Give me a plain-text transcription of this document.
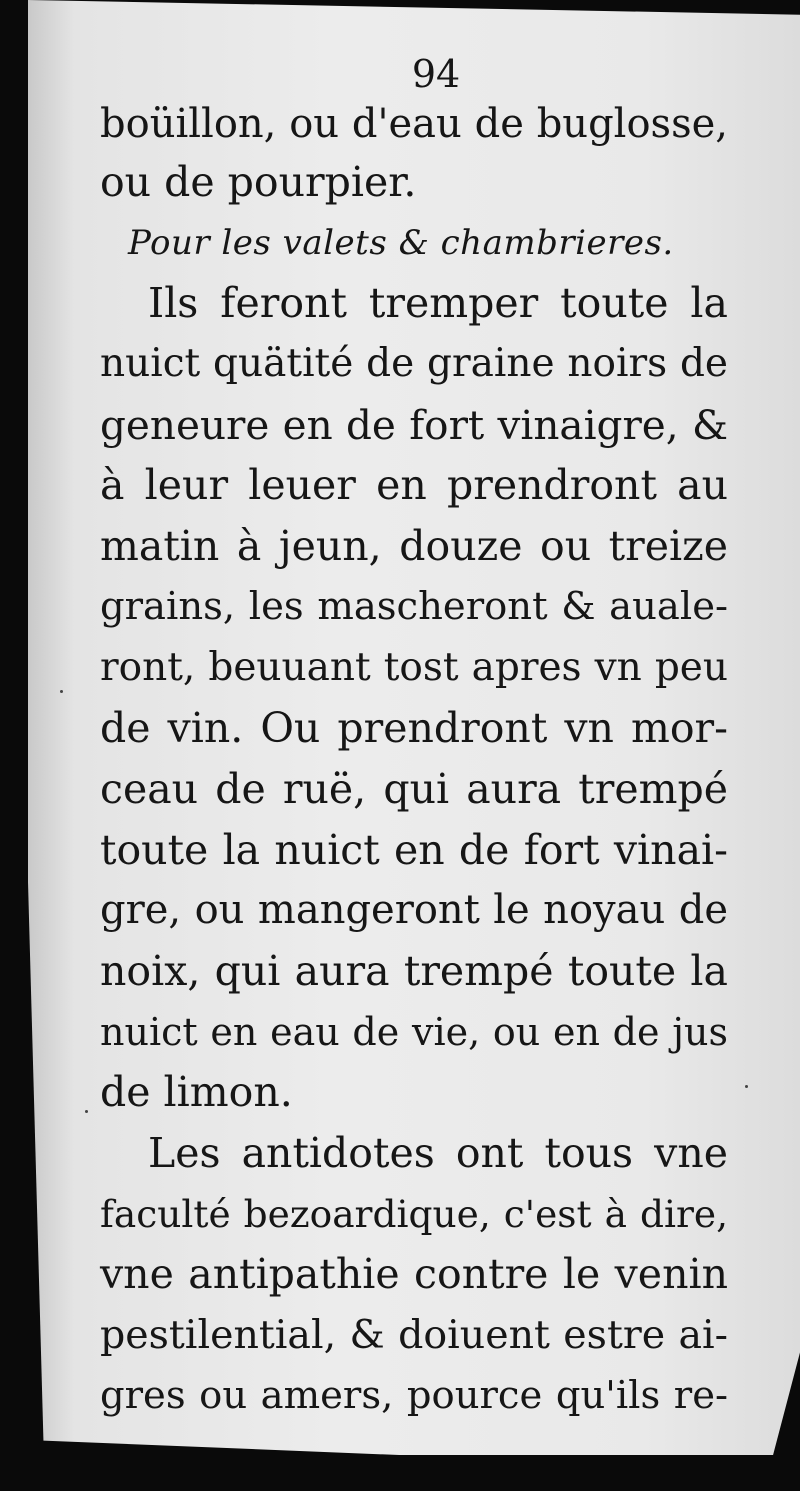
94
boüillon, ou d'eau de buglosse,
ou de pourpier.
Pour les valets & chambrieres.
Ils feront tremper toute la
nuict quätité de graine noirs de
geneure en de fort vinaigre, &
à leur leuer en prendront au
matin à jeun, douze ou treize
grains, les mascheront & auale-
ront, beuuant tost apres vn peu
de vin. Ou prendront vn mor-
ceau de ruë, qui aura trempé
toute la nuict en de fort vinai-
gre, ou mangeront le noyau de
noix, qui aura trempé toute la
nuict en eau de vie, ou en de jus
de limon.
Les antidotes ont tous vne
faculté bezoardique, c'est à dire,
vne antipathie contre le venin
pestilential, & doiuent estre ai-
gres ou amers, pource qu'ils re-
